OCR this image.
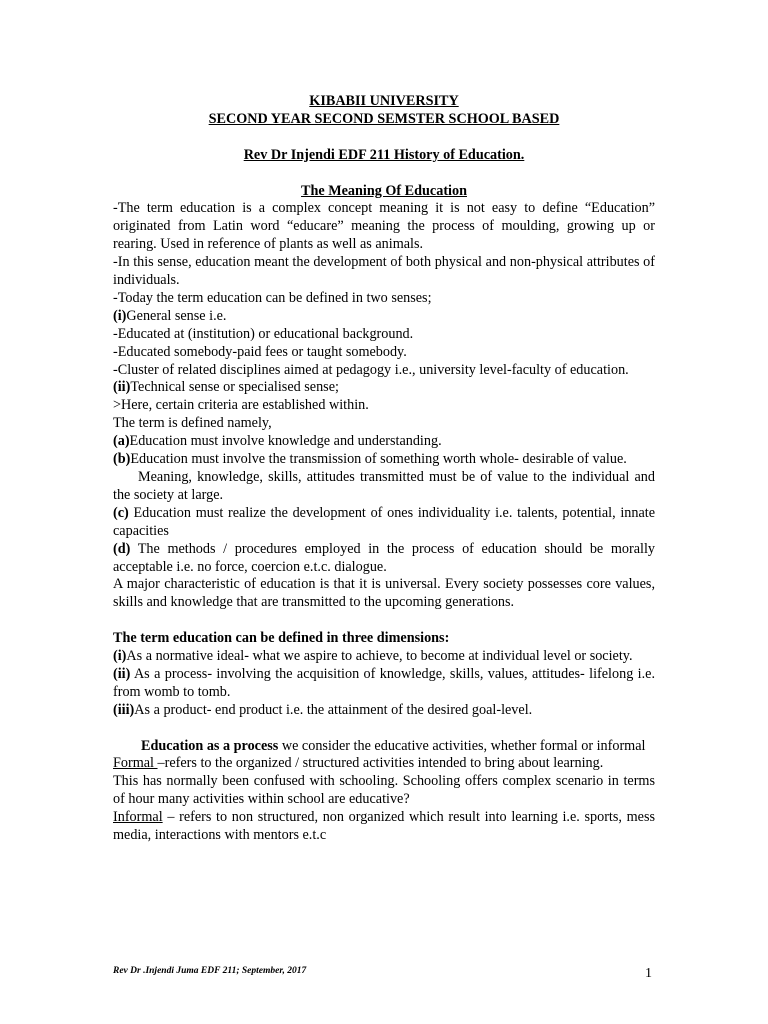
KIBABII UNIVERSITY
SECOND YEAR SECOND SEMSTER SCHOOL BASED
Rev Dr Injendi EDF 211 History of Education.
The Meaning Of Education

-The term education is a complex concept meaning it is not easy to define “Education” originated from Latin word “educare” meaning the process of moulding, growing up or rearing. Used in reference of plants as well as animals.

-In this sense, education meant the development of both physical and non-physical attributes of individuals.

-Today the term education can be defined in two senses;

(i)General sense i.e.

-Educated at (institution) or educational background.

-Educated somebody-paid fees or taught somebody.

-Cluster of related disciplines aimed at pedagogy i.e., university level-faculty of education.

(ii)Technical sense or specialised sense;

>Here, certain criteria are established within.

The term is defined namely,

(a)Education must involve knowledge and understanding.

(b)Education must involve the transmission of something worth whole- desirable of value.

Meaning, knowledge, skills, attitudes transmitted must be of value to the individual and the society at large.

(c) Education must realize the development of ones individuality i.e. talents, potential, innate capacities

(d) The methods / procedures employed in the process of education should be morally acceptable i.e. no force, coercion e.t.c. dialogue.

A major characteristic of education is that it is universal. Every society possesses core values, skills and knowledge that are transmitted to the upcoming generations.

The term education can be defined in three dimensions:

(i)As a normative ideal- what we aspire to achieve, to become at individual level or society.

(ii) As a process- involving the acquisition of knowledge, skills, values, attitudes- lifelong i.e. from womb to tomb.

(iii)As a product- end product i.e. the attainment of the desired goal-level.

Education as a process we consider the educative activities, whether formal or informal

Formal –refers to the organized / structured activities intended to bring about learning.

This has normally been confused with schooling. Schooling offers complex scenario in terms of hour many activities within school are educative?

Informal – refers to non structured, non organized which result into learning i.e. sports, mess media, interactions with mentors e.t.c

Rev Dr .Injendi Juma EDF 211; September, 2017	1
